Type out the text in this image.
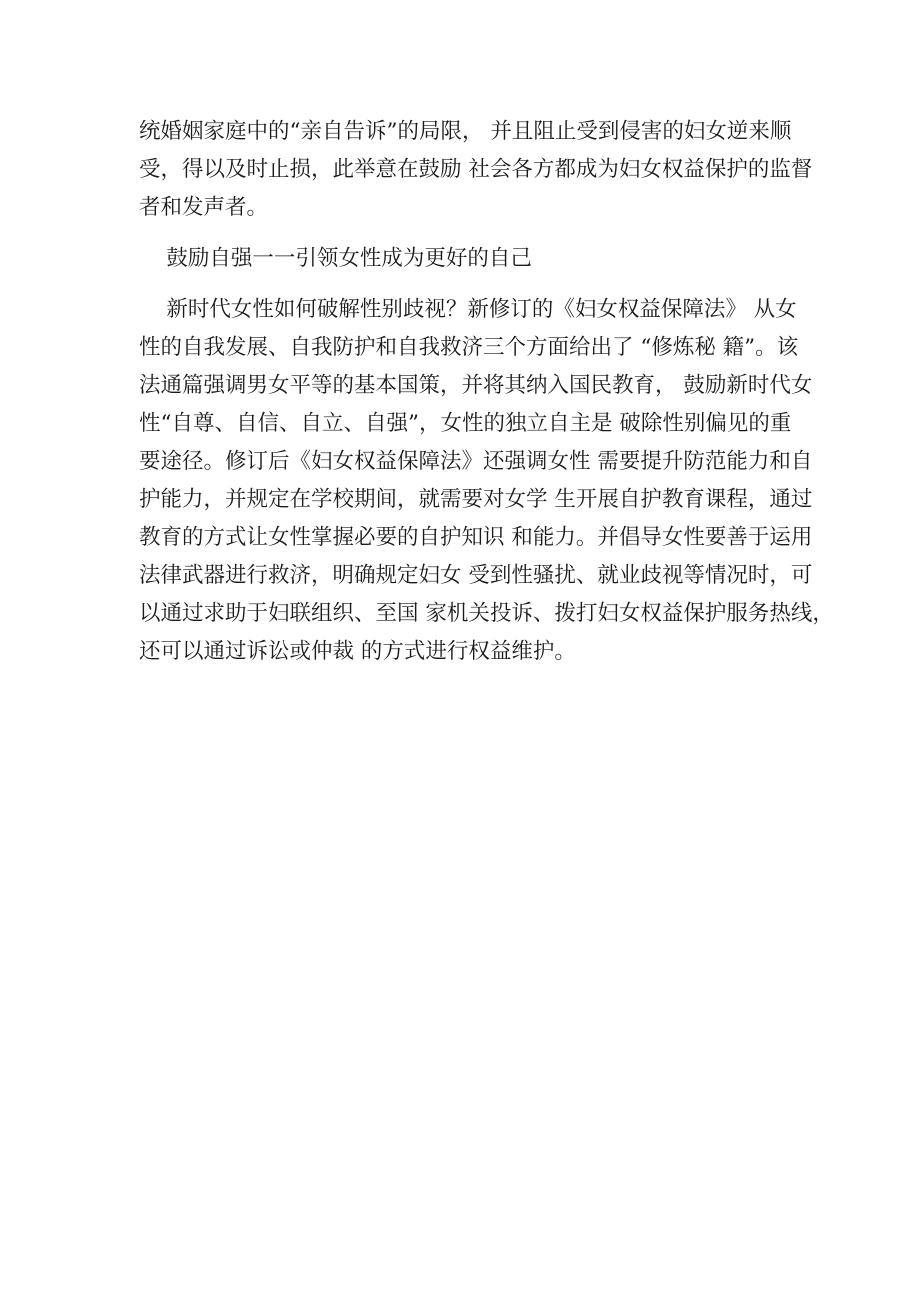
统婚姻家庭中的“亲自告诉”的局限， 并且阻止受到侵害的妇女逆来顺

受，得以及时止损，此举意在鼓励 社会各方都成为妇女权益保护的监督

者和发声者。

鼓励自强一一引领女性成为更好的自己

新时代女性如何破解性别歧视？新修订的《妇女权益保障法》 从女

性的自我发展、自我防护和自我救济三个方面给出了 “修炼秘 籍”。该

法通篇强调男女平等的基本国策，并将其纳入国民教育， 鼓励新时代女

性“自尊、自信、自立、自强”，女性的独立自主是 破除性别偏见的重

要途径。修订后《妇女权益保障法》还强调女性 需要提升防范能力和自

护能力，并规定在学校期间，就需要对女学 生开展自护教育课程，通过

教育的方式让女性掌握必要的自护知识 和能力。并倡导女性要善于运用

法律武器进行救济，明确规定妇女 受到性骚扰、就业歧视等情况时，可

以通过求助于妇联组织、至国 家机关投诉、拨打妇女权益保护服务热线，

还可以通过诉讼或仲裁 的方式进行权益维护。
